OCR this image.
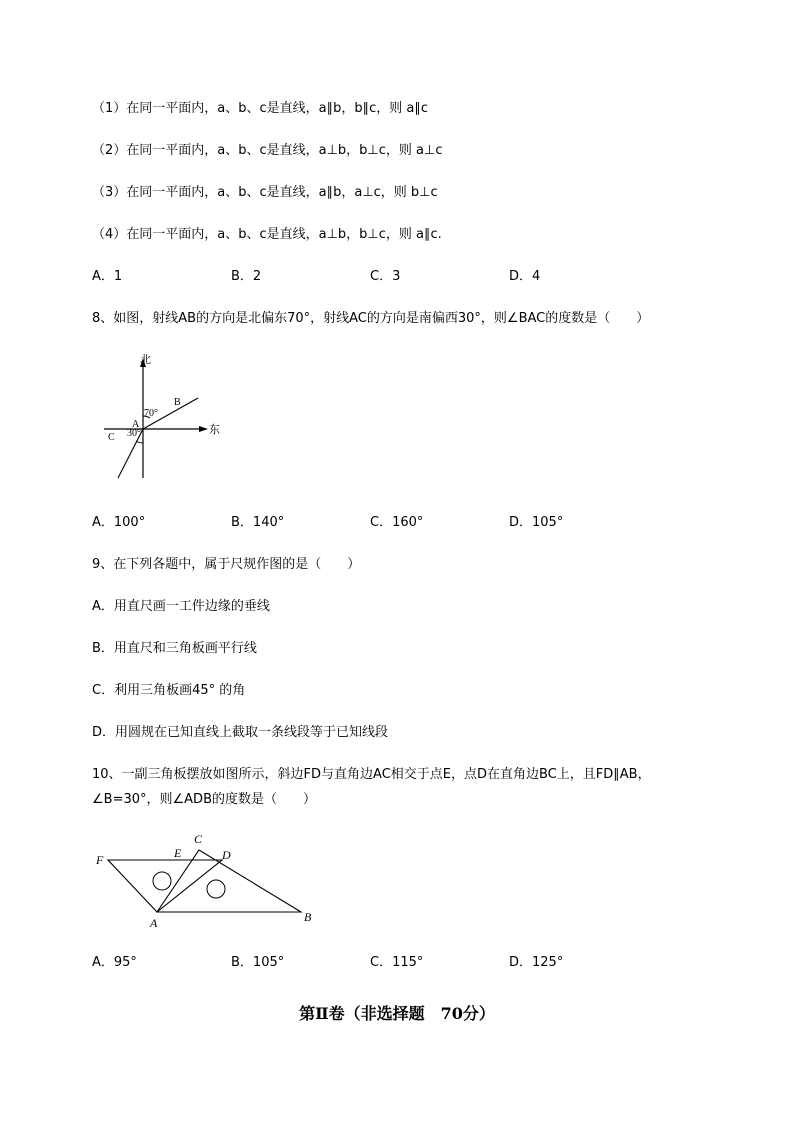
（1）在同一平面内，a、b、c是直线，a∥b，b∥c，则 a∥c
（2）在同一平面内，a、b、c是直线，a⊥b，b⊥c，则 a⊥c
（3）在同一平面内，a、b、c是直线，a∥b，a⊥c，则 b⊥c
（4）在同一平面内，a、b、c是直线，a⊥b，b⊥c，则 a∥c.
A．1	B．2	C．3	D．4
8、如图，射线AB的方向是北偏东70°，射线AC的方向是南偏西30°，则∠BAC的度数是（　　）
北
东
A
B
C
70°
30°
A．100°	B．140°	C．160°	D．105°
9、在下列各题中，属于尺规作图的是（　　）
A．用直尺画一工件边缘的垂线
B．用直尺和三角板画平行线
C．利用三角板画45° 的角
D．用圆规在已知直线上截取一条线段等于已知线段
10、一副三角板摆放如图所示，斜边FD与直角边AC相交于点E，点D在直角边BC上，且FD∥AB，
∠B=30°，则∠ADB的度数是（　　）
F	E
C
D
A	B
A．95°	B．105°	C．115°	D．125°
第Ⅱ卷（非选择题　70分）
